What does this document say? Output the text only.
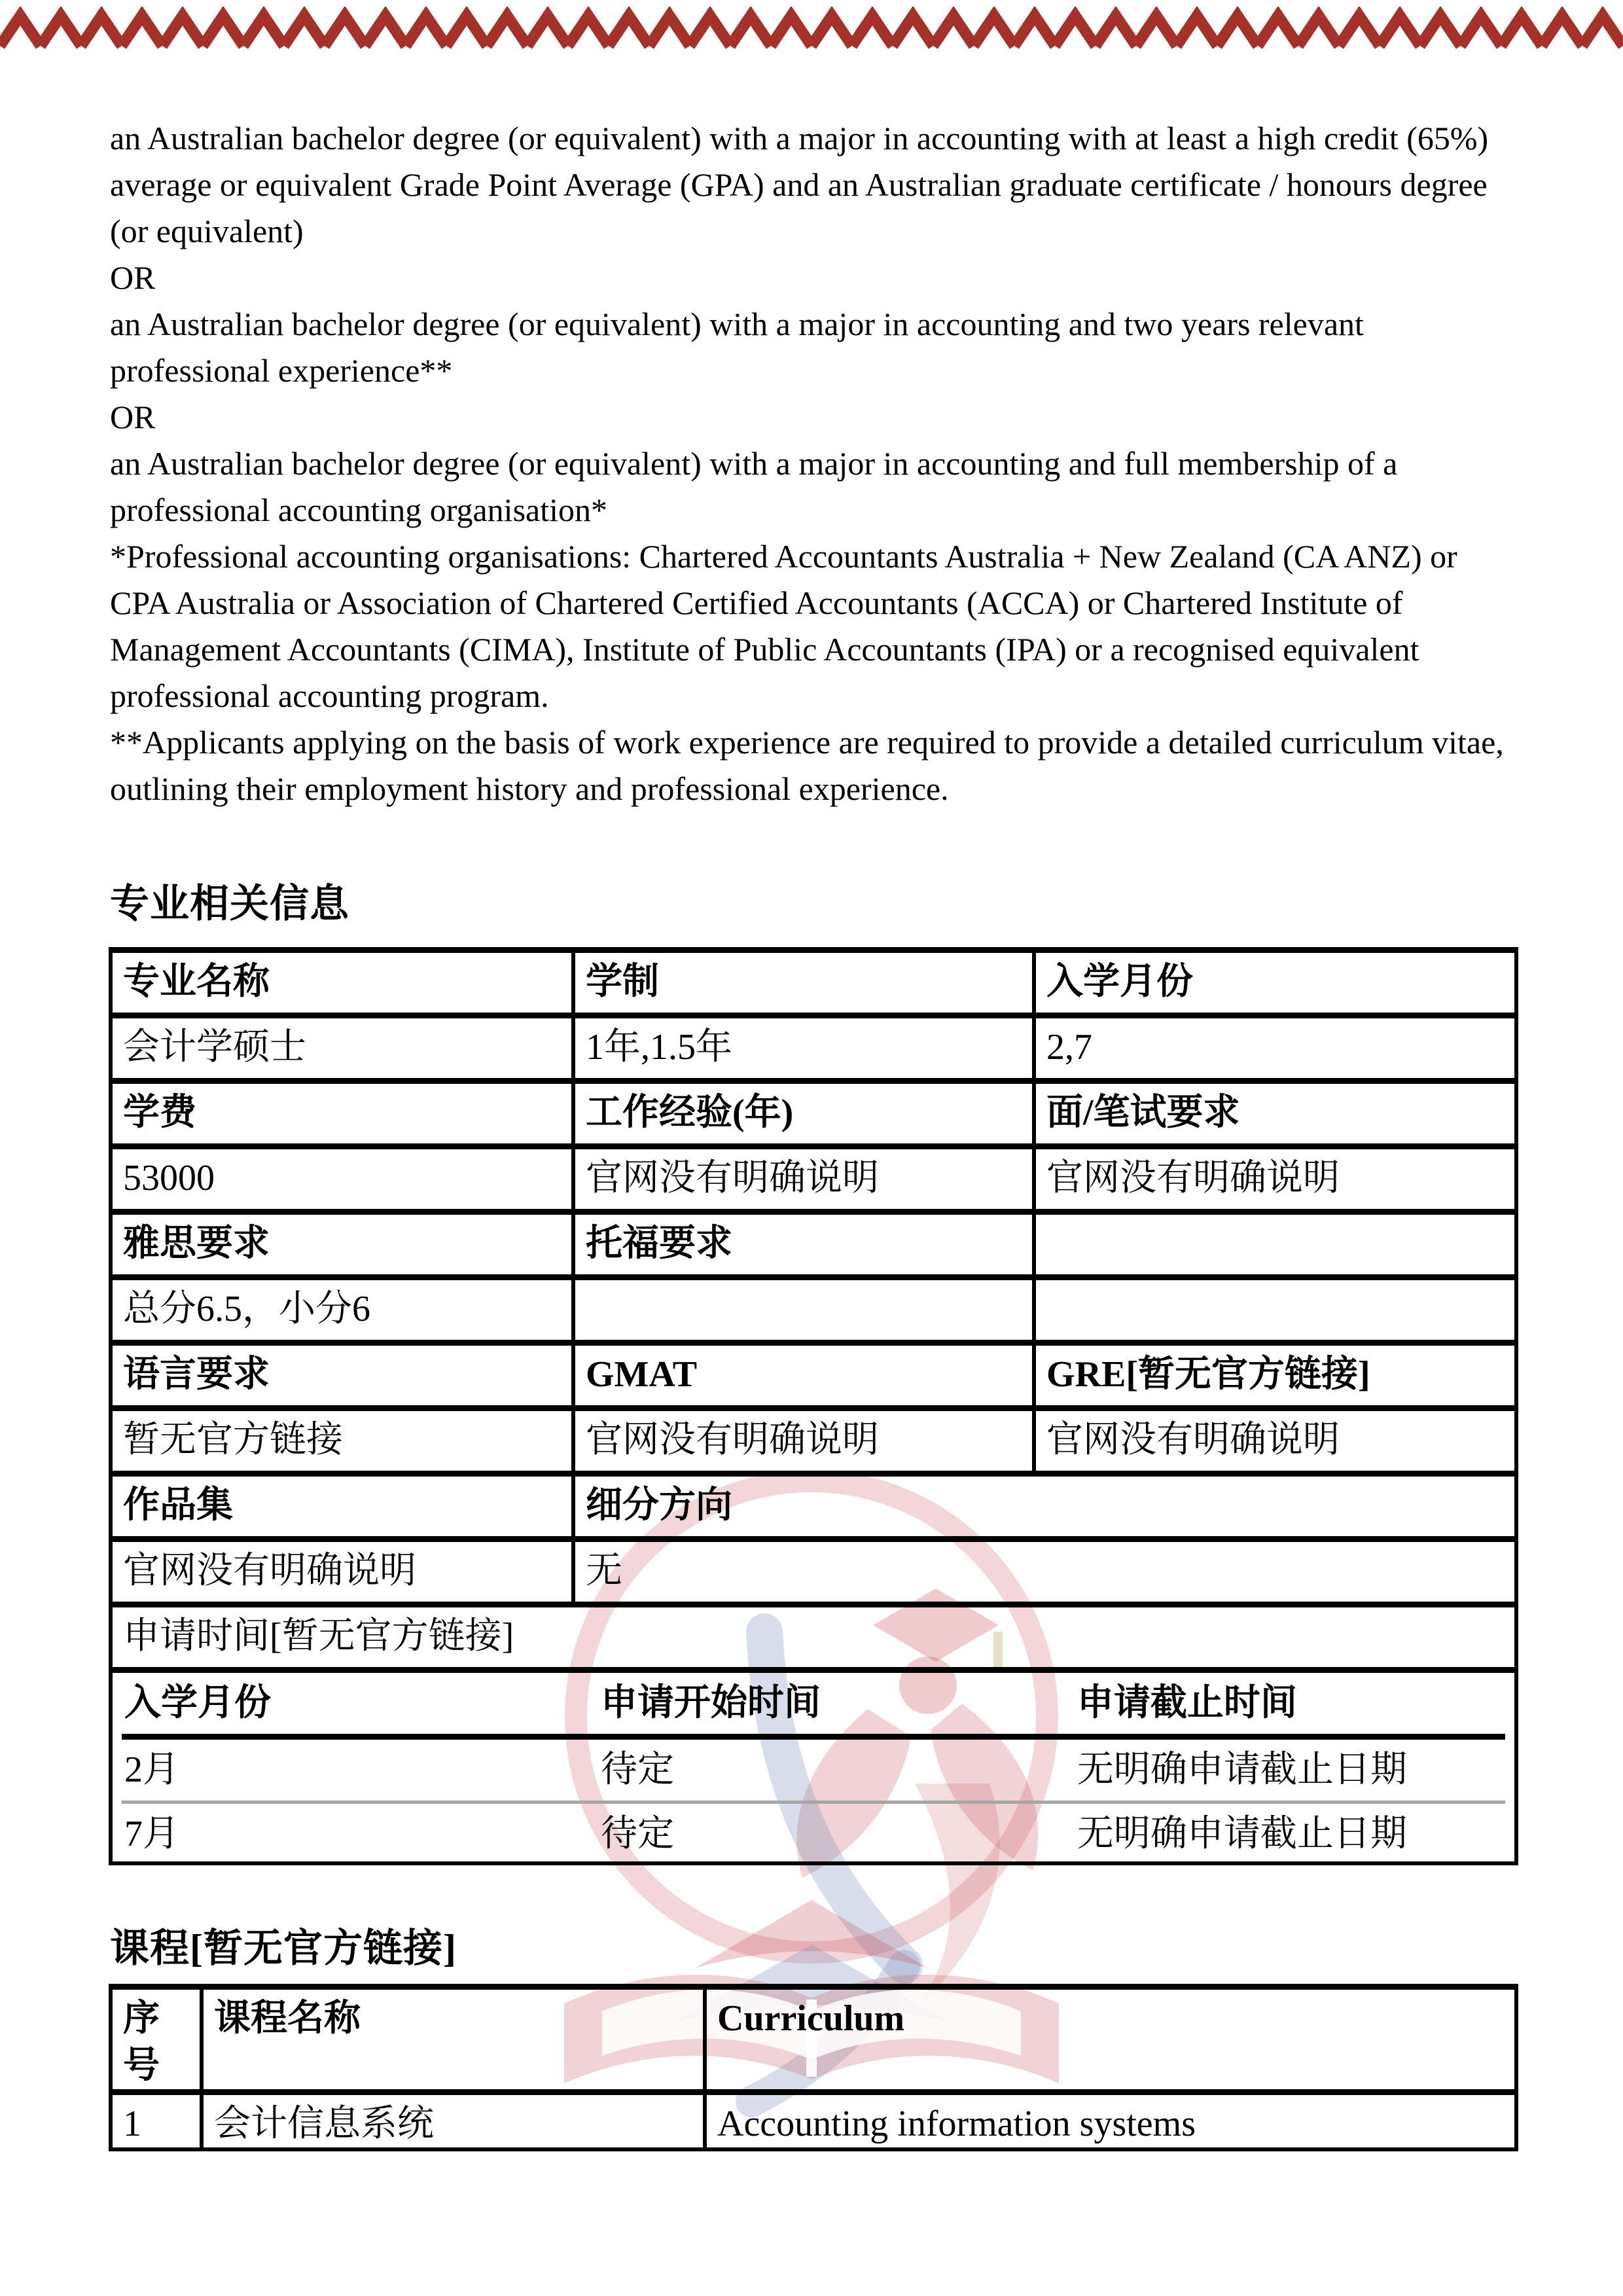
an Australian bachelor degree (or equivalent) with a major in accounting with at least a high credit (65%) average or equivalent Grade Point Average (GPA) and an Australian graduate certificate / honours degree (or equivalent)

OR

an Australian bachelor degree (or equivalent) with a major in accounting and two years relevant professional experience**

OR

an Australian bachelor degree (or equivalent) with a major in accounting and full membership of a professional accounting organisation*

*Professional accounting organisations: Chartered Accountants Australia + New Zealand (CA ANZ) or CPA Australia or Association of Chartered Certified Accountants (ACCA) or Chartered Institute of Management Accountants (CIMA), Institute of Public Accountants (IPA) or a recognised equivalent professional accounting program.

**Applicants applying on the basis of work experience are required to provide a detailed curriculum vitae, outlining their employment history and professional experience.

专业相关信息
专业名称	学制	入学月份
会计学硕士	1年,1.5年	2,7
学费	工作经验(年)	面/笔试要求
53000	官网没有明确说明	官网没有明确说明
雅思要求	托福要求	
总分6.5，小分6		
语言要求	GMAT	GRE[暂无官方链接]
暂无官方链接	官网没有明确说明	官网没有明确说明
作品集	细分方向	
官网没有明确说明	无	
申请时间[暂无官方链接]		

入学月份	申请开始时间	申请截止时间
2月	待定	无明确申请截止日期
7月	待定	无明确申请截止日期
课程[暂无官方链接]
序号	课程名称	Curriculum
1	会计信息系统	Accounting information systems
